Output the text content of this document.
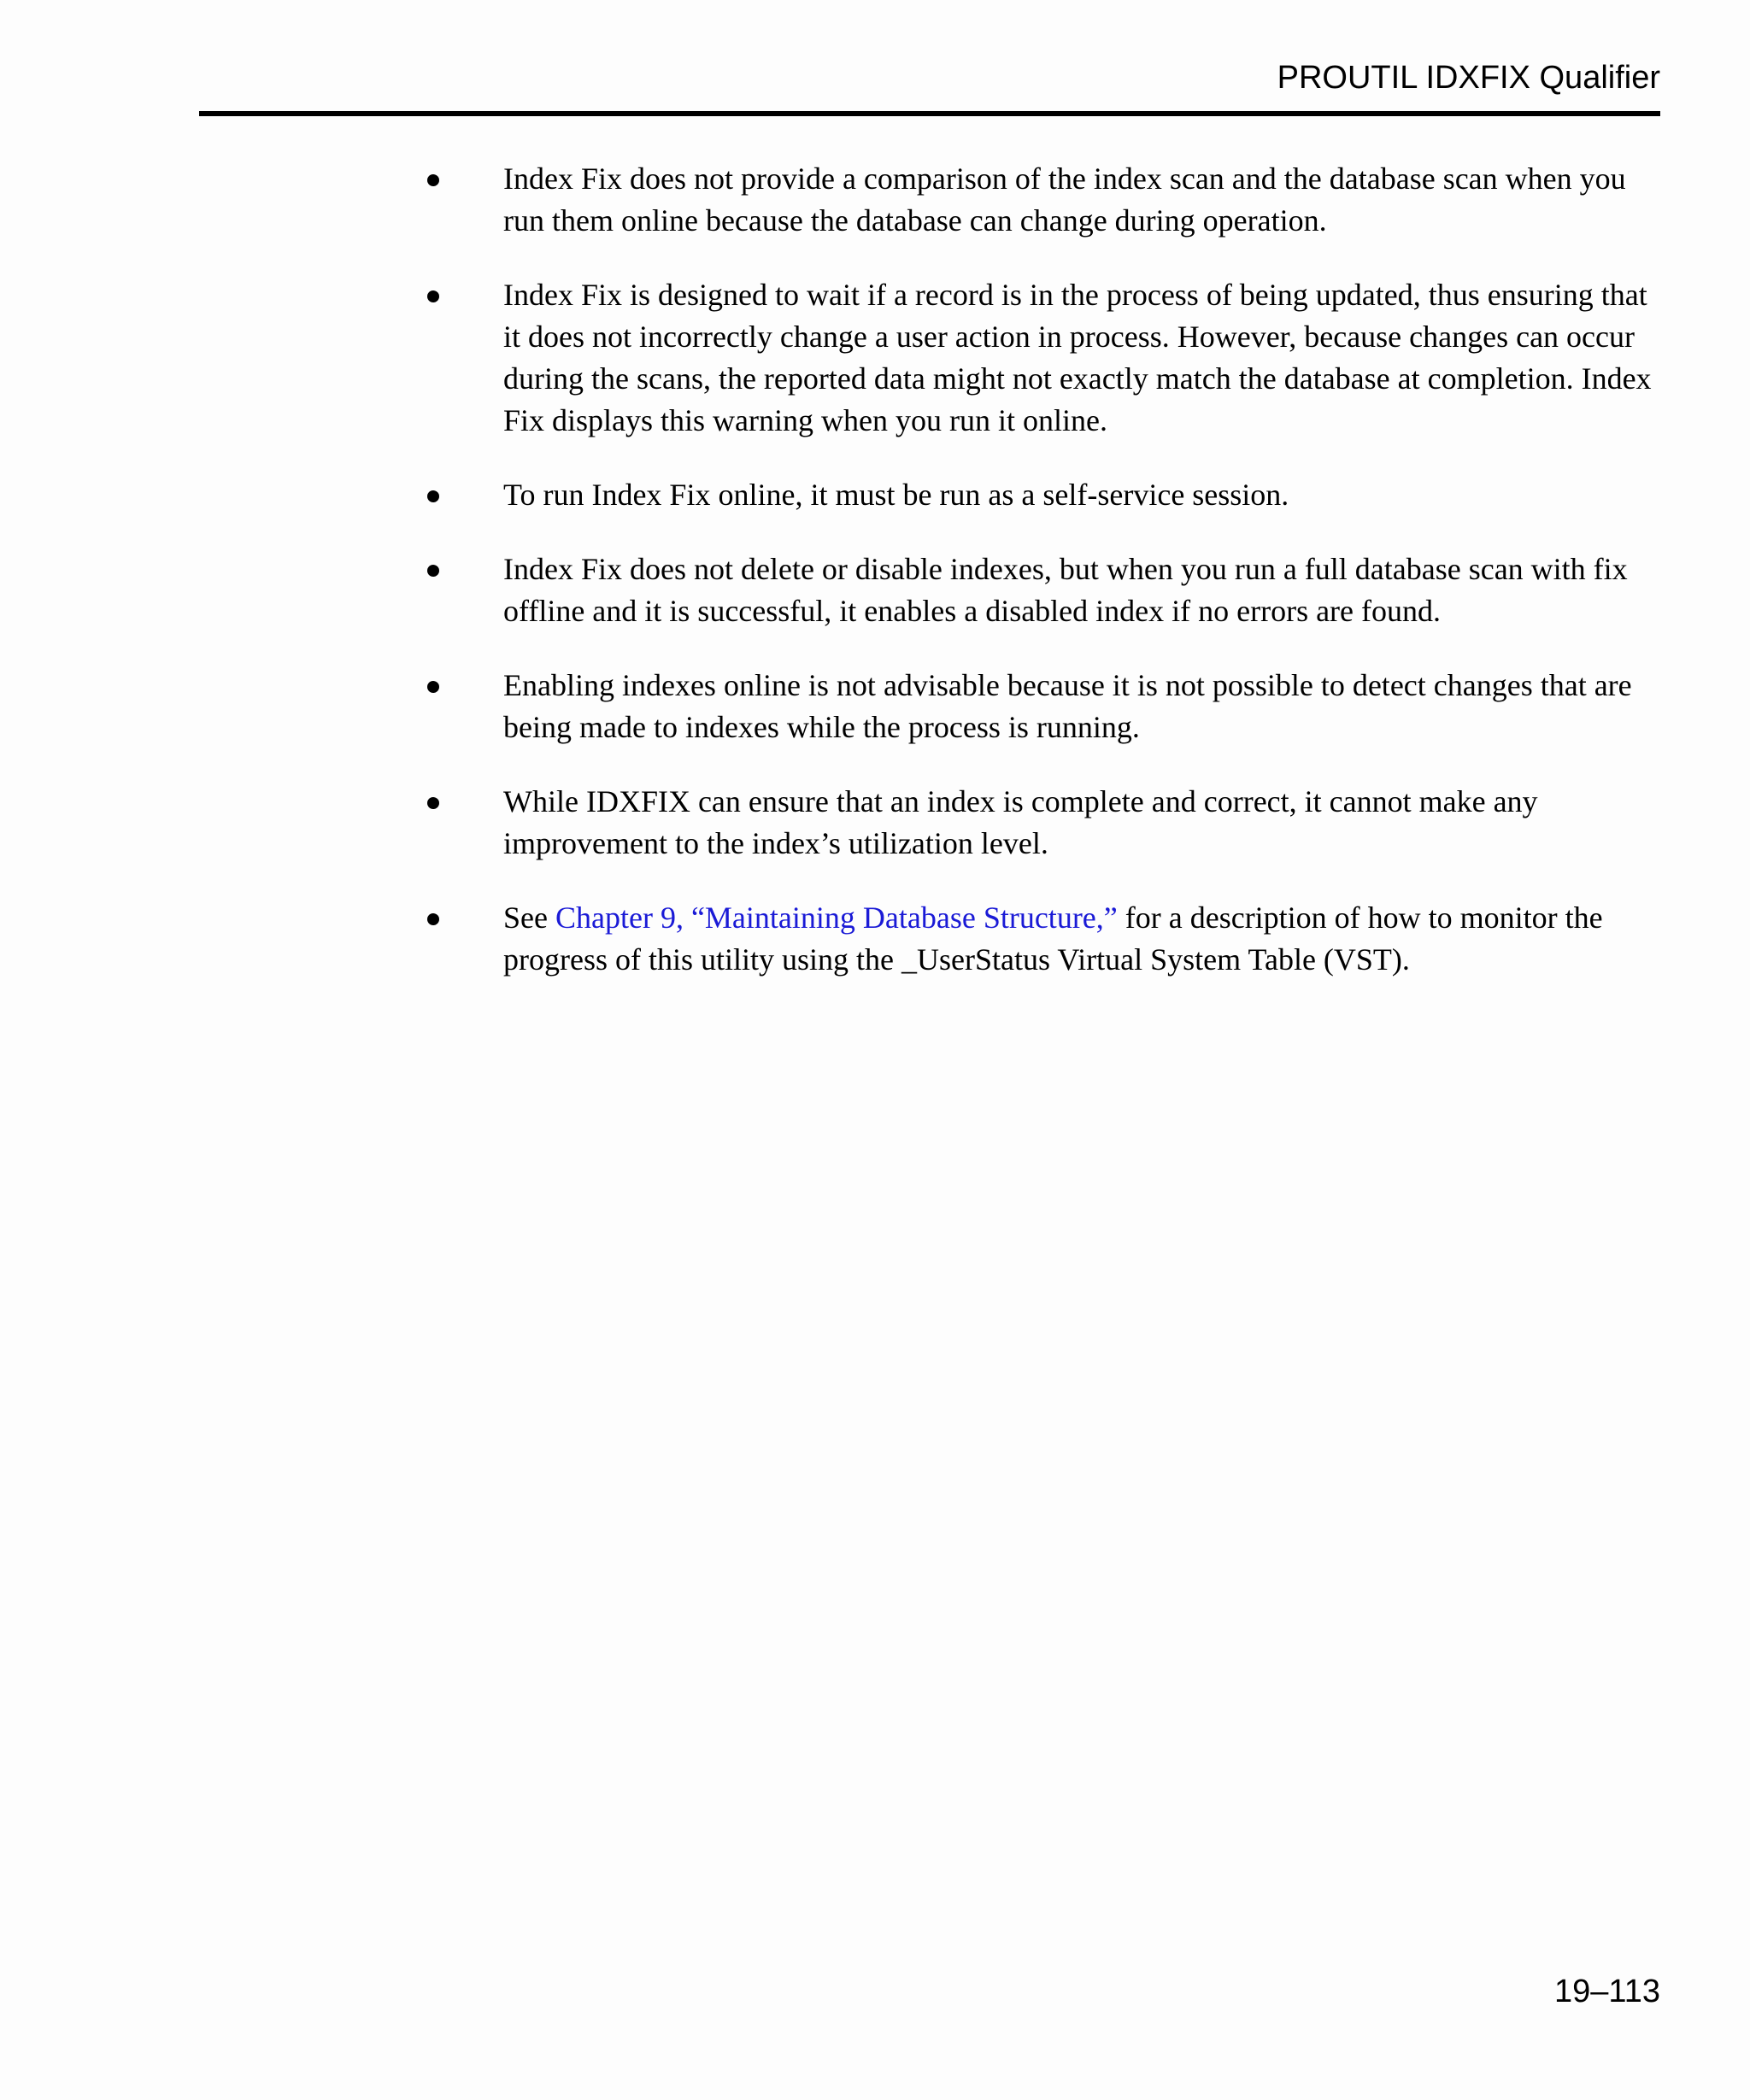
PROUTIL IDXFIX Qualifier
Index Fix does not provide a comparison of the index scan and the database scan when you run them online because the database can change during operation.
Index Fix is designed to wait if a record is in the process of being updated, thus ensuring that it does not incorrectly change a user action in process. However, because changes can occur during the scans, the reported data might not exactly match the database at completion. Index Fix displays this warning when you run it online.
To run Index Fix online, it must be run as a self-service session.
Index Fix does not delete or disable indexes, but when you run a full database scan with fix offline and it is successful, it enables a disabled index if no errors are found.
Enabling indexes online is not advisable because it is not possible to detect changes that are being made to indexes while the process is running.
While IDXFIX can ensure that an index is complete and correct, it cannot make any improvement to the index’s utilization level.
See Chapter 9, “Maintaining Database Structure,” for a description of how to monitor the progress of this utility using the _UserStatus Virtual System Table (VST).
19–113
